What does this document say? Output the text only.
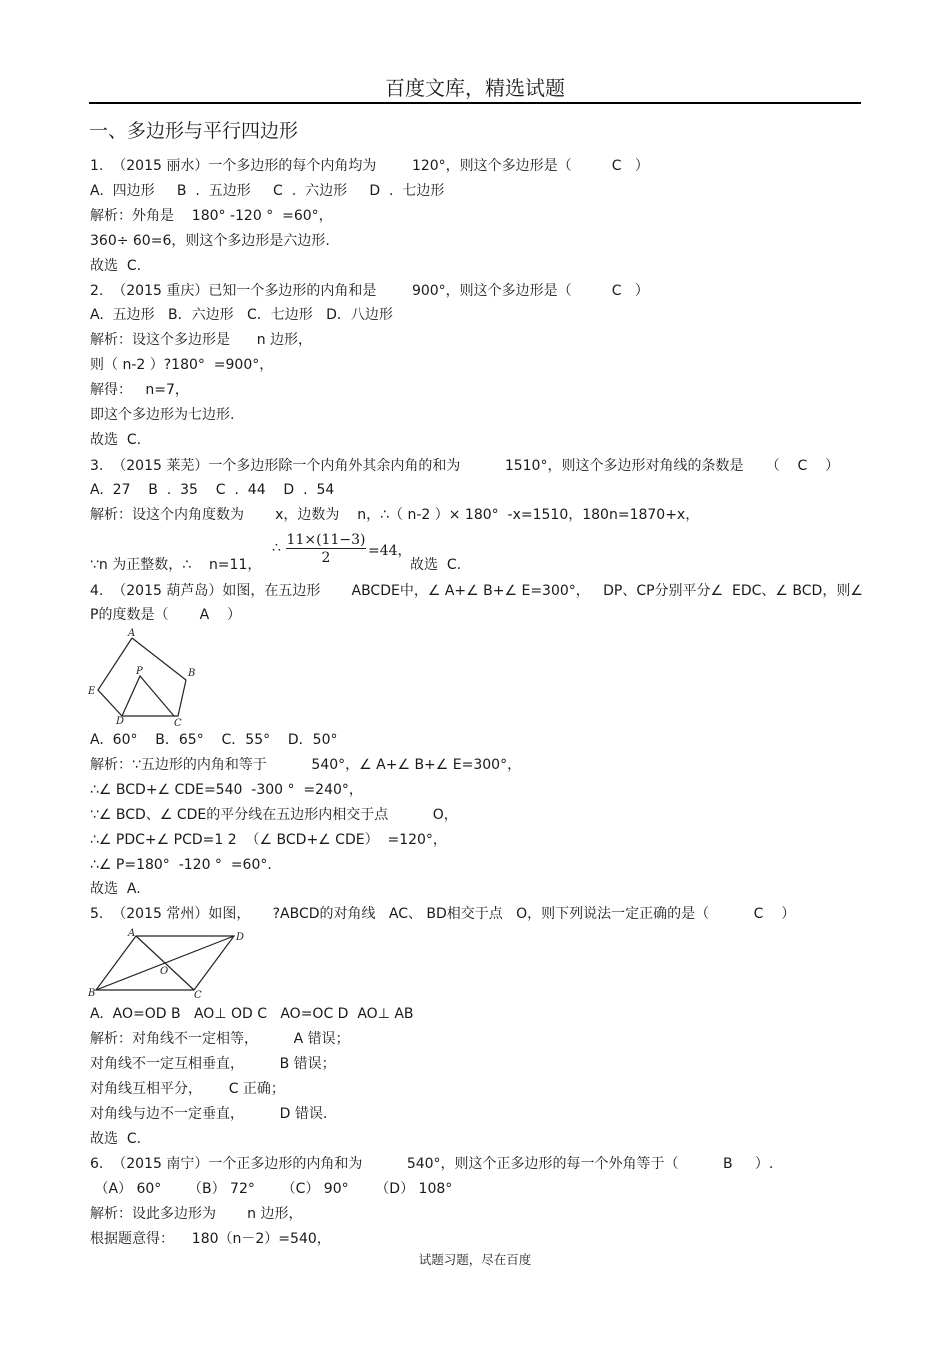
百度文库，精选试题
一、多边形与平行四边形
1.  （2015 丽水）一个多边形的每个内角均为        120°，则这个多边形是（         C   ）
A.  四边形     B  .  五边形     C  .  六边形     D  .  七边形
解析：外角是    180° -120 °  =60°，
360÷ 60=6，则这个多边形是六边形.
故选  C.
2.  （2015 重庆）已知一个多边形的内角和是        900°，则这个多边形是（         C   ）
A.  五边形   B．六边形   C．七边形   D．八边形
解析：设这个多边形是      n 边形，
则（ n-2 ）?180°  =900°，
解得：   n=7，
即这个多边形为七边形.
故选  C.
3.  （2015 莱芜）一个多边形除一个内角外其余内角的和为          1510°，则这个多边形对角线的条数是     （    C    ）
A.  27    B  .  35    C  .  44    D  .  54
解析：设这个内角度数为       x，边数为    n，∴（ n-2 ）× 180°  -x=1510，180n=1870+x，
∵n 为正整数，∴    n=11，
∴ 11×(11−3)
2	=44，
故选  C.
4.  （2015 葫芦岛）如图，在五边形       ABCDE中，∠ A+∠ B+∠ E=300°，   DP、CP分别平分∠  EDC、∠ BCD，则∠
P的度数是（       A    ）
A
B
C
D
E
P
A.  60°    B．65°    C．55°    D．50°
解析：∵五边形的内角和等于          540°，∠ A+∠ B+∠ E=300°，
∴∠ BCD+∠ CDE=540  -300 °  =240°，
∵∠ BCD、∠ CDE的平分线在五边形内相交于点          O，
∴∠ PDC+∠ PCD=1 2  （∠ BCD+∠ CDE）  =120°，
∴∠ P=180°  -120 °  =60°.
故选  A.
5.  （2015 常州）如图，     ?ABCD的对角线   AC、 BD相交于点   O，则下列说法一定正确的是（          C    ）
A
B	C
D
O
A.  AO=OD B   AO⊥ OD C   AO=OC D  AO⊥ AB
解析：对角线不一定相等，        A 错误；
对角线不一定互相垂直，        B 错误；
对角线互相平分，      C 正确；
对角线与边不一定垂直，        D 错误.
故选  C.
6.  （2015 南宁）一个正多边形的内角和为          540°，则这个正多边形的每一个外角等于（          B     ）.
（A） 60°      （B） 72°      （C） 90°      （D） 108°
解析：设此多边形为       n 边形，
根据题意得：    180（n－2）=540，
试题习题，尽在百度
